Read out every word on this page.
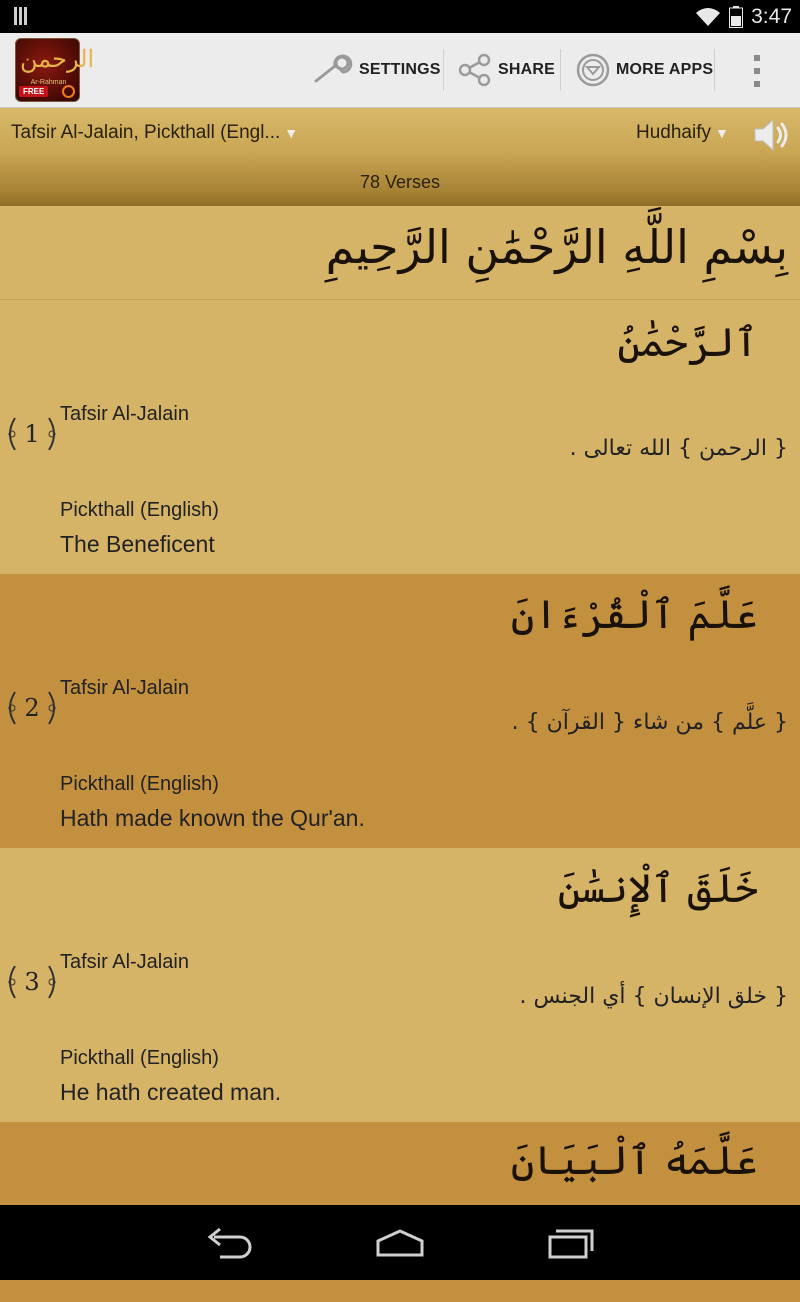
3:47
الرحمن
Ar-Rahman
FREE
SETTINGS	SHARE	MORE APPS
Tafsir Al-Jalain, Pickthall (Engl... ▼	Hudhaify ▼
78 Verses
بِسْمِ اللَّهِ الرَّحْمَٰنِ الرَّحِيمِ
ٱلرَّحْمَٰنُ
1
Tafsir Al-Jalain
{ الرحمن } الله تعالى .
Pickthall (English)
The Beneficent
عَلَّمَ ٱلْقُرْءَانَ
2
Tafsir Al-Jalain
{ علَّم } من شاء { القرآن } .
Pickthall (English)
Hath made known the Qur'an.
خَلَقَ ٱلْإِنسَٰنَ
3
Tafsir Al-Jalain
{ خلق الإنسان } أي الجنس .
Pickthall (English)
He hath created man.
عَلَّمَهُ ٱلْبَيَانَ
